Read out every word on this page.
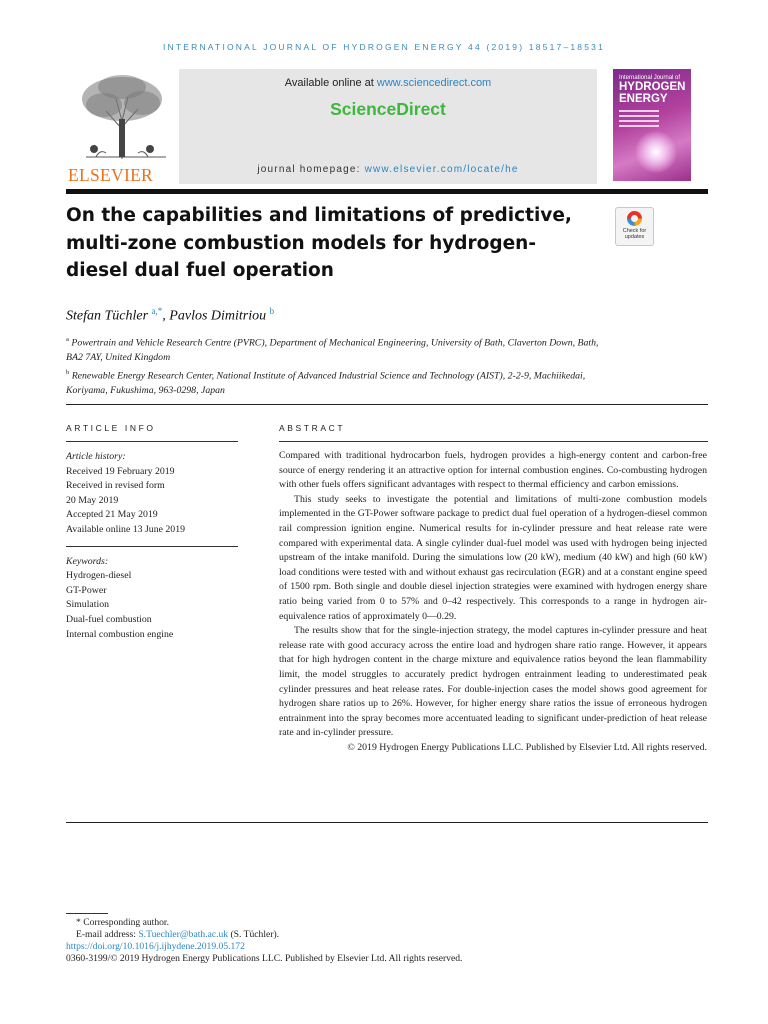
INTERNATIONAL JOURNAL OF HYDROGEN ENERGY 44 (2019) 18517–18531
ELSEVIER
Available online at www.sciencedirect.com
ScienceDirect
journal homepage: www.elsevier.com/locate/he
International Journal of
HYDROGEN
ENERGY
On the capabilities and limitations of predictive, multi-zone combustion models for hydrogen-diesel dual fuel operation
Check for
updates
Stefan Tüchler $^{a,*}$, Pavlos Dimitriou $^b$
$^a$ Powertrain and Vehicle Research Centre (PVRC), Department of Mechanical Engineering, University of Bath, Claverton Down, Bath, BA2 7AY, United Kingdom
$^b$ Renewable Energy Research Center, National Institute of Advanced Industrial Science and Technology (AIST), 2-2-9, Machiikedai, Koriyama, Fukushima, 963-0298, Japan
ARTICLE INFO	ABSTRACT
Article history:
Received 19 February 2019
Received in revised form
20 May 2019
Accepted 21 May 2019
Available online 13 June 2019
Keywords:
Hydrogen-diesel
GT-Power
Simulation
Dual-fuel combustion
Internal combustion engine

Compared with traditional hydrocarbon fuels, hydrogen provides a high-energy content and carbon-free source of energy rendering it an attractive option for internal combustion engines. Co-combusting hydrogen with other fuels offers significant advantages with respect to thermal efficiency and carbon emissions.

This study seeks to investigate the potential and limitations of multi-zone combustion models implemented in the GT-Power software package to predict dual fuel operation of a hydrogen-diesel common rail compression ignition engine. Numerical results for in-cylinder pressure and heat release rate were compared with experimental data. A single cylinder dual-fuel model was used with hydrogen being injected upstream of the intake manifold. During the simulations low (20 kW), medium (40 kW) and high (60 kW) load conditions were tested with and without exhaust gas recirculation (EGR) and at a constant engine speed of 1500 rpm. Both single and double diesel injection strategies were examined with hydrogen energy share ratio being varied from 0 to 57% and 0–42 respectively. This corresponds to a range in hydrogen air-equivalence ratios of approximately 0—0.29.

The results show that for the single-injection strategy, the model captures in-cylinder pressure and heat release rate with good accuracy across the entire load and hydrogen share ratio range. However, it appears that for high hydrogen content in the charge mixture and equivalence ratios beyond the lean flammability limit, the model struggles to accurately predict hydrogen entrainment leading to underestimated peak cylinder pressures and heat release rates. For double-injection cases the model shows good agreement for hydrogen share ratios up to 26%. However, for higher energy share ratios the issue of erroneous hydrogen entrainment into the spray becomes more accentuated leading to significant under-prediction of heat release rate and in-cylinder pressure.

© 2019 Hydrogen Energy Publications LLC. Published by Elsevier Ltd. All rights reserved.

* Corresponding author.
E-mail address: S.Tuechler@bath.ac.uk (S. Tüchler).
https://doi.org/10.1016/j.ijhydene.2019.05.172
0360-3199/© 2019 Hydrogen Energy Publications LLC. Published by Elsevier Ltd. All rights reserved.
